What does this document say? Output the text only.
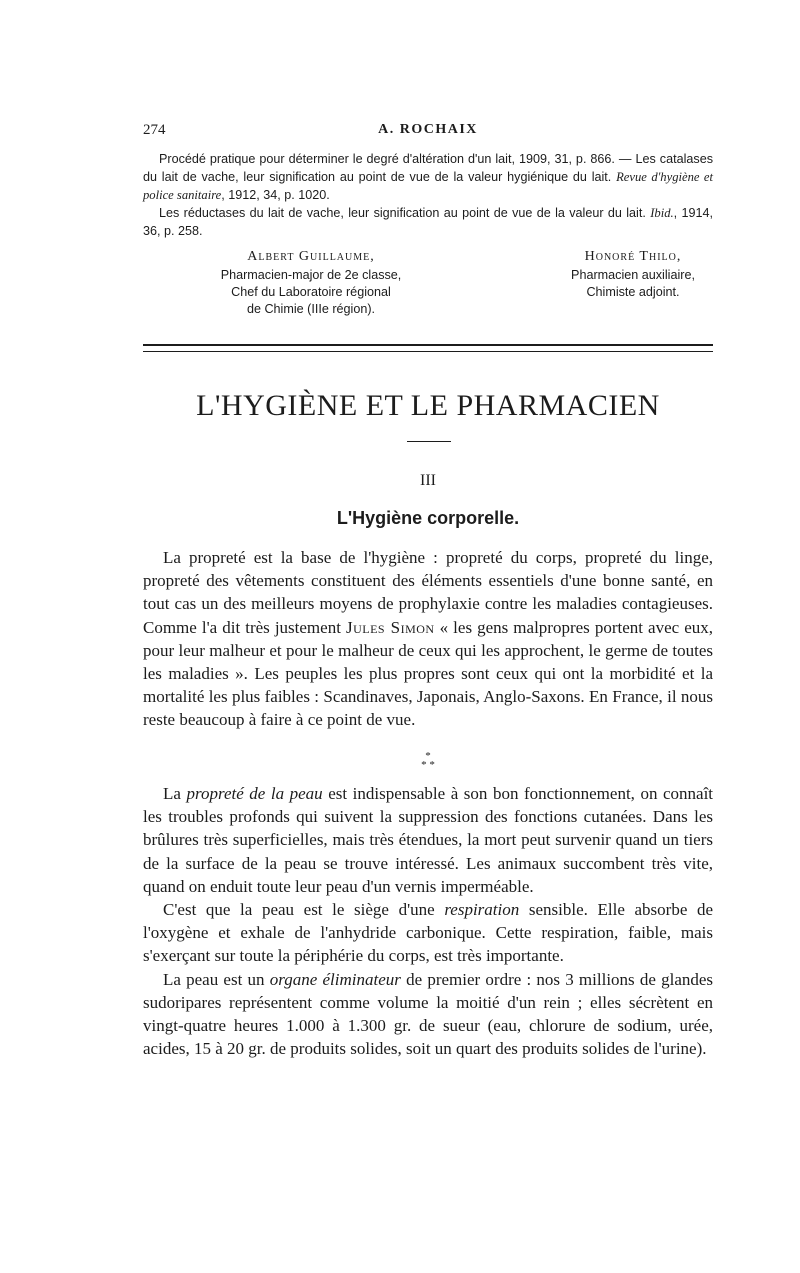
274	A. ROCHAIX

Procédé pratique pour déterminer le degré d'altération d'un lait, 1909, 31, p. 866. — Les catalases du lait de vache, leur signification au point de vue de la valeur hygiénique du lait. Revue d'hygiène et police sanitaire, 1912, 34, p. 1020.

Les réductases du lait de vache, leur signification au point de vue de la valeur du lait. Ibid., 1914, 36, p. 258.

Albert Guillaume,
Pharmacien-major de 2e classe,
Chef du Laboratoire régional
de Chimie (IIIe région).
Honoré Thilo,
Pharmacien auxiliaire,
Chimiste adjoint.
L'HYGIÈNE ET LE PHARMACIEN
III
L'Hygiène corporelle.

La propreté est la base de l'hygiène : propreté du corps, propreté du linge, propreté des vêtements constituent des éléments essentiels d'une bonne santé, en tout cas un des meilleurs moyens de prophylaxie contre les maladies contagieuses. Comme l'a dit très justement Jules Simon « les gens malpropres portent avec eux, pour leur malheur et pour le malheur de ceux qui les approchent, le germe de toutes les maladies ». Les peuples les plus propres sont ceux qui ont la morbidité et la mortalité les plus faibles : Scandinaves, Japonais, Anglo-Saxons. En France, il nous reste beaucoup à faire à ce point de vue.

*
* *

La propreté de la peau est indispensable à son bon fonctionnement, on connaît les troubles profonds qui suivent la suppression des fonctions cutanées. Dans les brûlures très superficielles, mais très étendues, la mort peut survenir quand un tiers de la surface de la peau se trouve intéressé. Les animaux succombent très vite, quand on enduit toute leur peau d'un vernis imperméable.

C'est que la peau est le siège d'une respiration sensible. Elle absorbe de l'oxygène et exhale de l'anhydride carbonique. Cette respiration, faible, mais s'exerçant sur toute la périphérie du corps, est très importante.

La peau est un organe éliminateur de premier ordre : nos 3 millions de glandes sudoripares représentent comme volume la moitié d'un rein ; elles sécrètent en vingt-quatre heures 1.000 à 1.300 gr. de sueur (eau, chlorure de sodium, urée, acides, 15 à 20 gr. de produits solides, soit un quart des produits solides de l'urine).
